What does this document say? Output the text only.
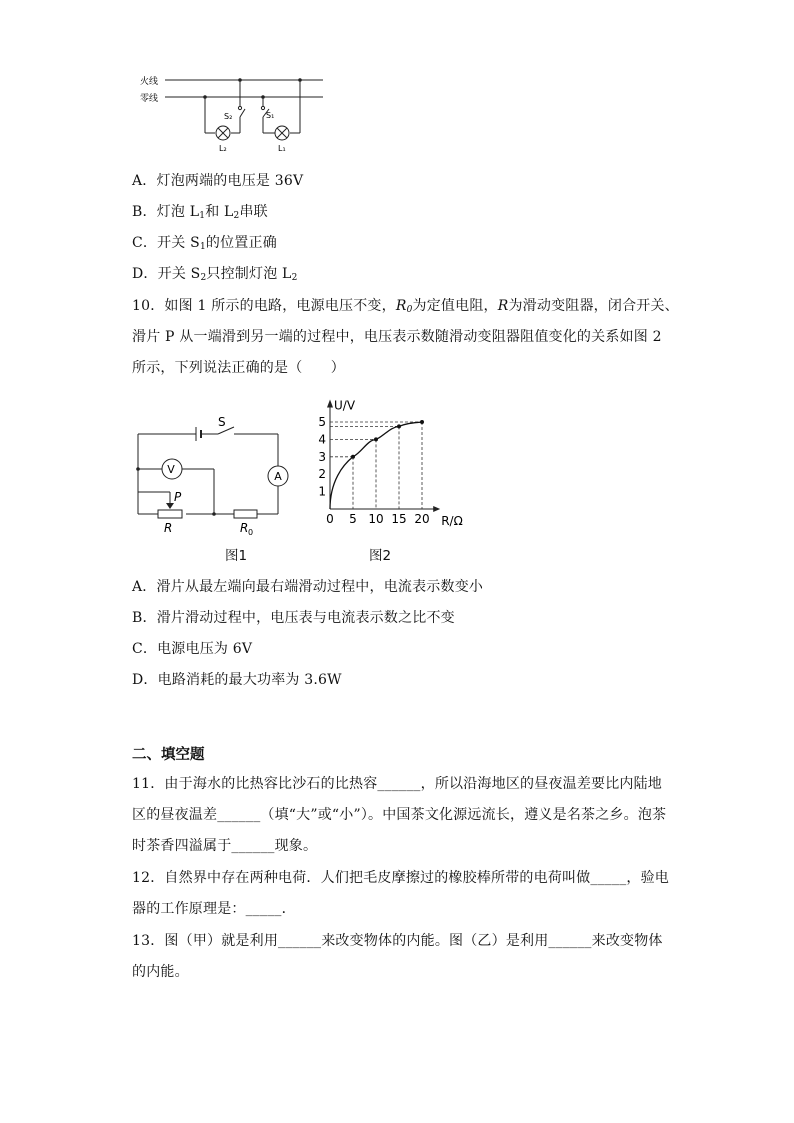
火线
零线
S₂	S₁
L₂	L₁
A．灯泡两端的电压是 36V
B．灯泡 $L_1$和 $L_2$串联
C．开关 $S_1$的位置正确
D．开关 $S_2$只控制灯泡 $L_2$
10．如图 1 所示的电路，电源电压不变，$R_0$为定值电阻，R为滑动变阻器，闭合开关、
滑片 P 从一端滑到另一端的过程中，电压表示数随滑动变阻器阻值变化的关系如图 2
所示，下列说法正确的是（　　）
V
A
S
P
R	R 0
图1
U/V
R/Ω
0 5 10 15 20
1
2
3
4
5
图2
A．滑片从最左端向最右端滑动过程中，电流表示数变小
B．滑片滑动过程中，电压表与电流表示数之比不变
C．电源电压为 6V
D．电路消耗的最大功率为 3.6W
二、填空题
11．由于海水的比热容比沙石的比热容______，所以沿海地区的昼夜温差要比内陆地
区的昼夜温差______（填“大”或“小”）。中国茶文化源远流长，遵义是名茶之乡。泡茶
时茶香四溢属于______现象。
12．自然界中存在两种电荷．人们把毛皮摩擦过的橡胶棒所带的电荷叫做_____，验电
器的工作原理是：_____．
13．图（甲）就是利用______来改变物体的内能。图（乙）是利用______来改变物体
的内能。
